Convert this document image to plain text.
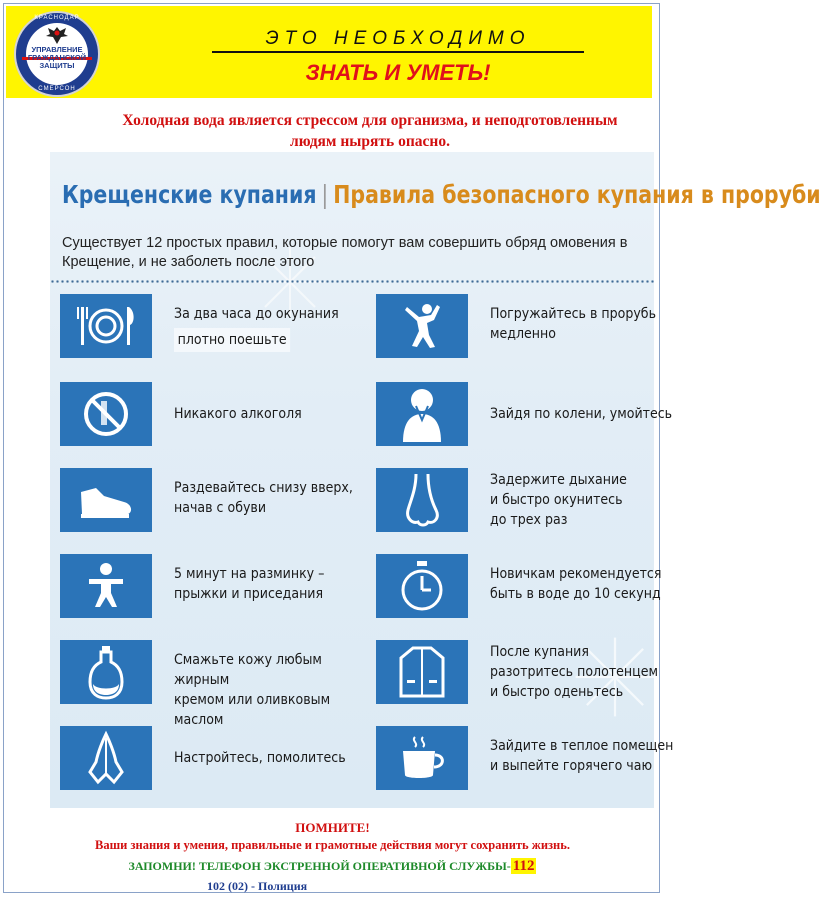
КРАСНОДАР
УПРАВЛЕНИЕ ГРАЖДАНСКОЙ ЗАЩИТЫ
СМЕРСОН
ЭТО НЕОБХОДИМО
ЗНАТЬ И УМЕТЬ!
Холодная вода является стрессом для организма, и неподготовленным людям нырять опасно.
Крещенские купания | Правила безопасного купания в проруби
Существует 12 простых правил, которые помогут вам совершить обряд омовения в Крещение, и не заболеть после этого
За два часа до окунания
плотно поешьте
Никакого алкоголя
Раздевайтесь снизу вверх,
начав с обуви
5 минут на разминку –
прыжки и приседания
Смажьте кожу любым жирным
кремом или оливковым маслом
Настройтесь, помолитесь
Погружайтесь в прорубь
медленно
Зайдя по колени, умойтесь
Задержите дыхание
и быстро окунитесь
до трех раз
Новичкам рекомендуется
быть в воде до 10 секунд
После купания
разотритесь полотенцем
и быстро оденьтесь
Зайдите в теплое помещен
и выпейте горячего чаю
ПОМНИТЕ!
Ваши знания и умения, правильные и грамотные действия могут сохранить жизнь.
ЗАПОМНИ! ТЕЛЕФОН ЭКСТРЕННОЙ ОПЕРАТИВНОЙ СЛУЖБЫ- 112
102 (02) - Полиция
